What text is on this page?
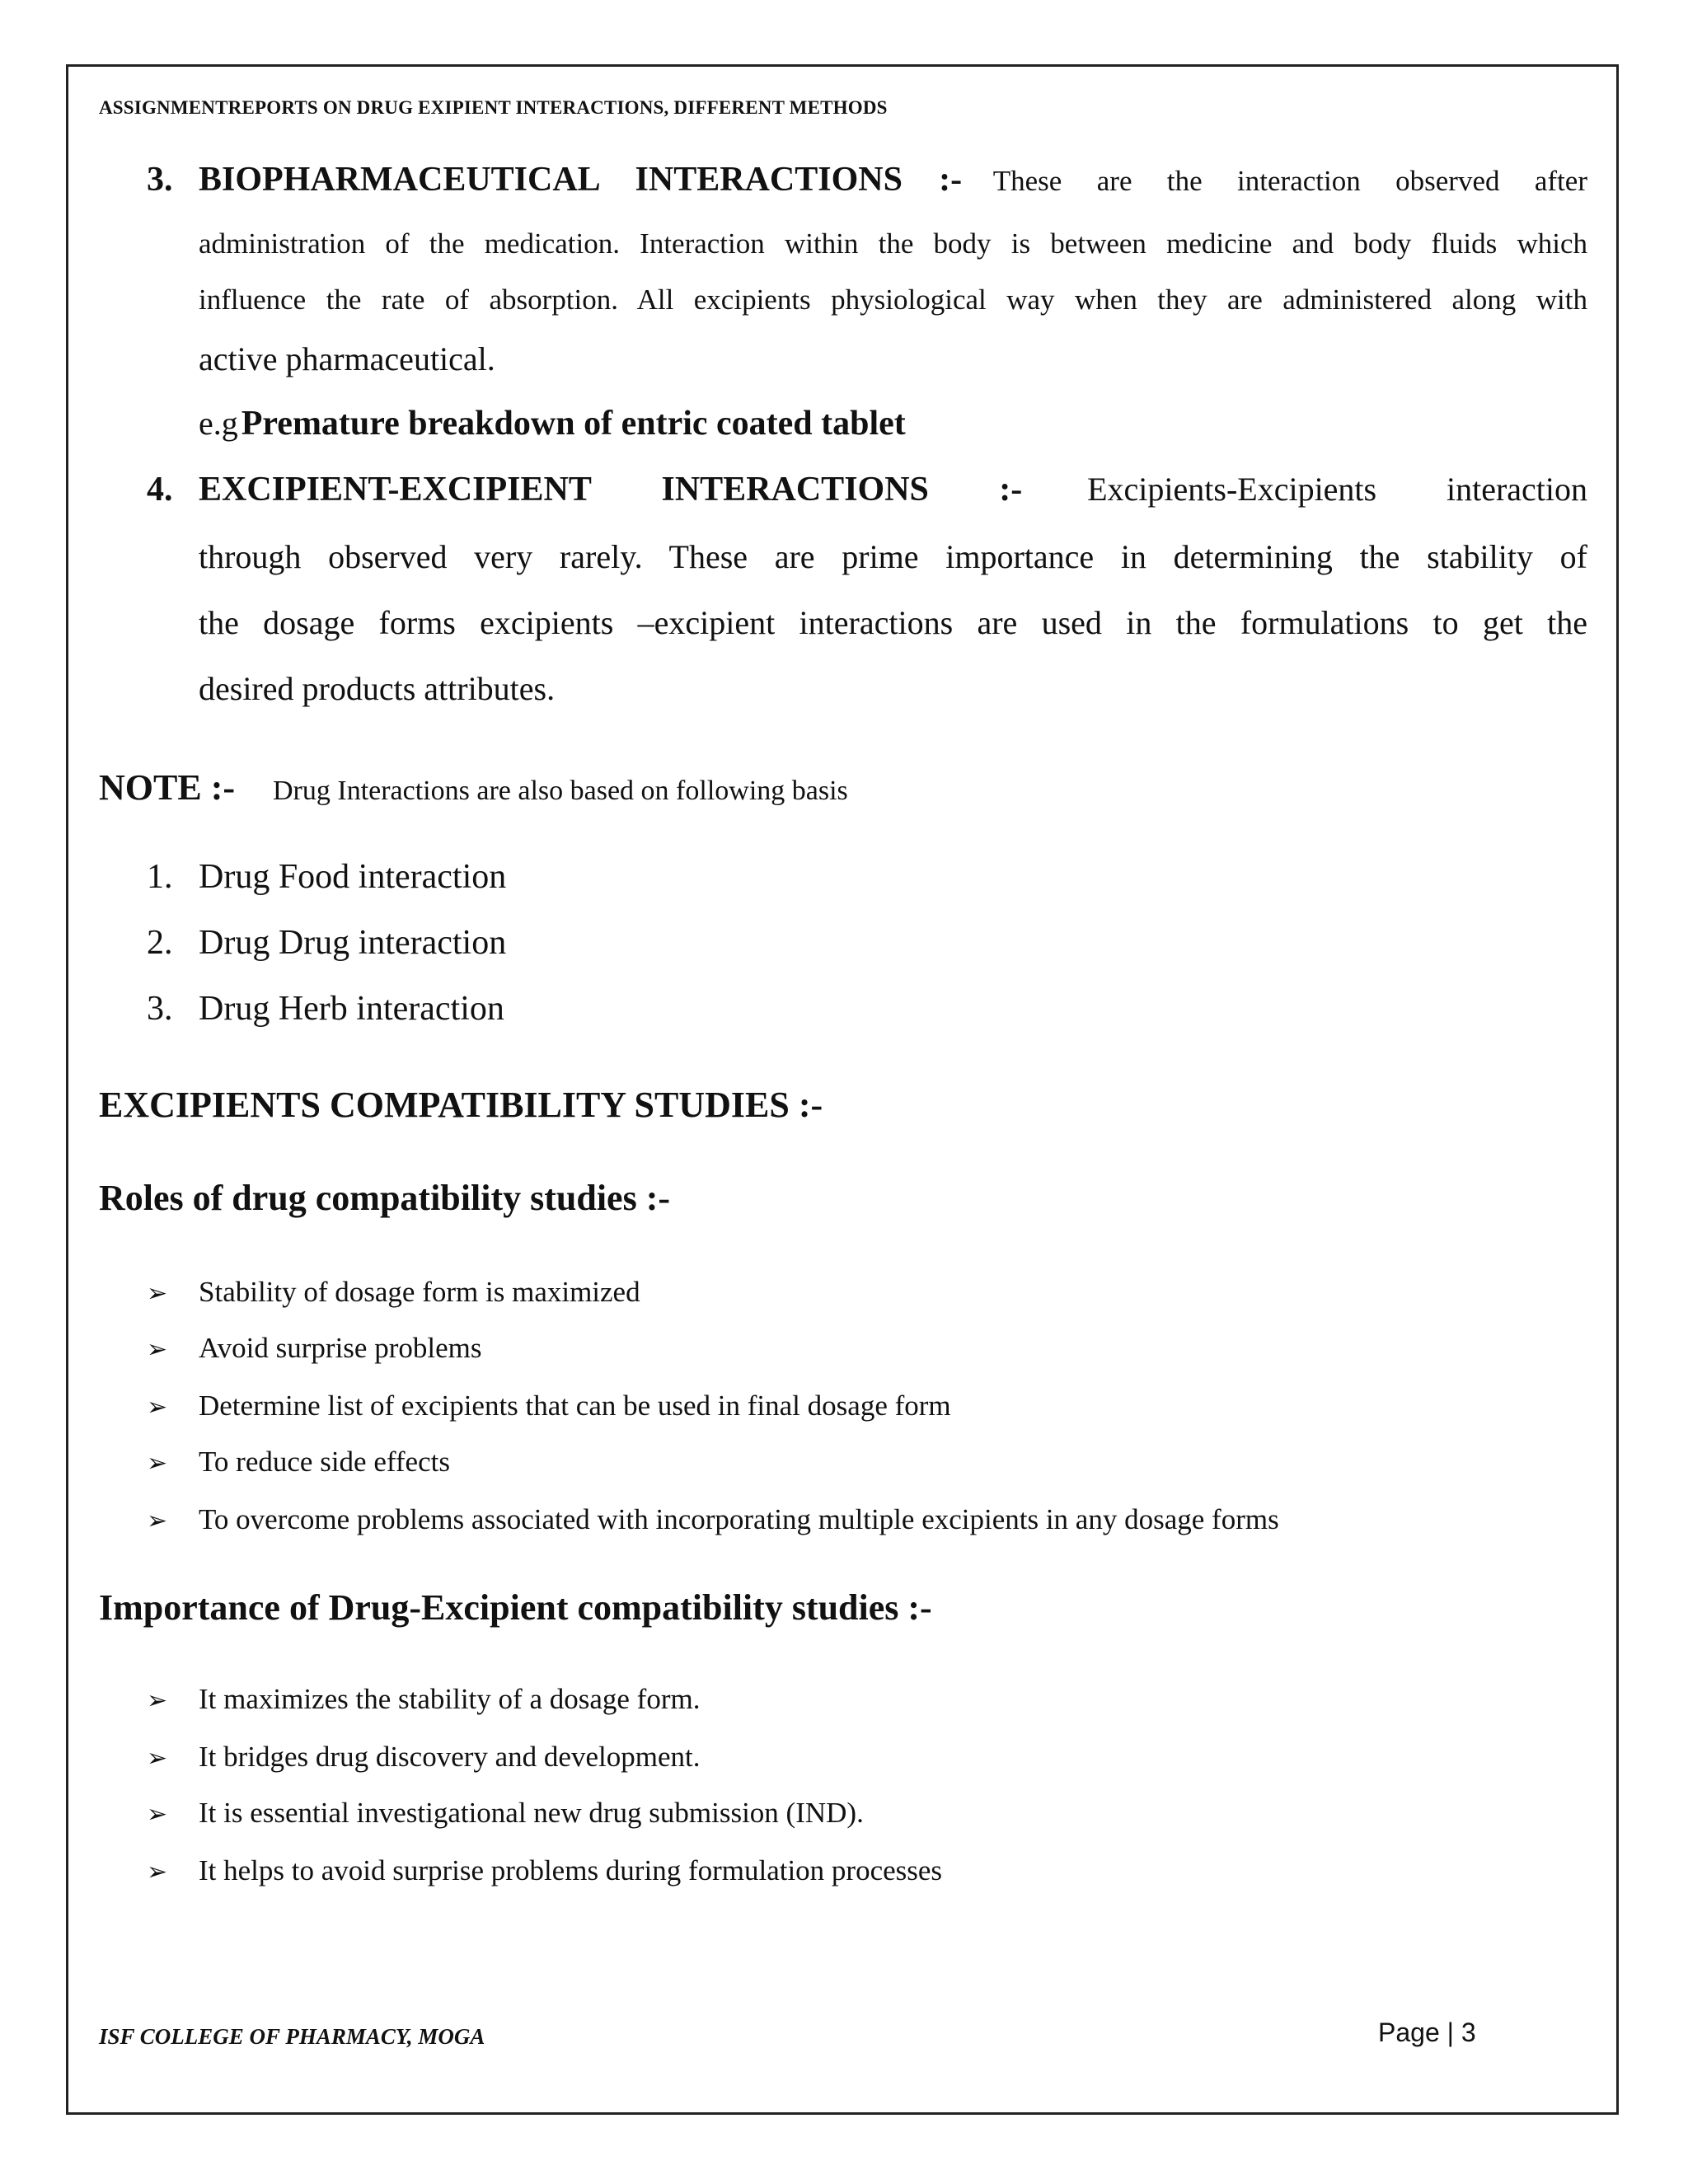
ASSIGNMENTREPORTS ON DRUG EXIPIENT INTERACTIONS, DIFFERENT METHODS
3. BIOPHARMACEUTICAL INTERACTIONS :- These are the interaction observed after
administration of the medication. Interaction within the body is between medicine and body fluids which
influence the rate of absorption. All excipients physiological way when they are administered along with
active pharmaceutical.
e.g Premature breakdown of entric coated tablet
4. EXCIPIENT-EXCIPIENT INTERACTIONS :- Excipients-Excipients interaction
through observed very rarely. These are prime importance in determining the stability of
the dosage forms excipients –excipient interactions are used in the formulations to get the
desired products attributes.
NOTE :- Drug Interactions are also based on following basis
1. Drug Food interaction
2. Drug Drug interaction
3. Drug Herb interaction
EXCIPIENTS COMPATIBILITY STUDIES :-
Roles of drug compatibility studies :-
➢ Stability of dosage form is maximized
➢ Avoid surprise problems
➢ Determine list of excipients that can be used in final dosage form
➢ To reduce side effects
➢ To overcome problems associated with incorporating multiple excipients in any dosage forms
Importance of Drug-Excipient compatibility studies :-
➢ It maximizes the stability of a dosage form.
➢ It bridges drug discovery and development.
➢ It is essential investigational new drug submission (IND).
➢ It helps to avoid surprise problems during formulation processes
ISF COLLEGE OF PHARMACY, MOGA	Page | 3
